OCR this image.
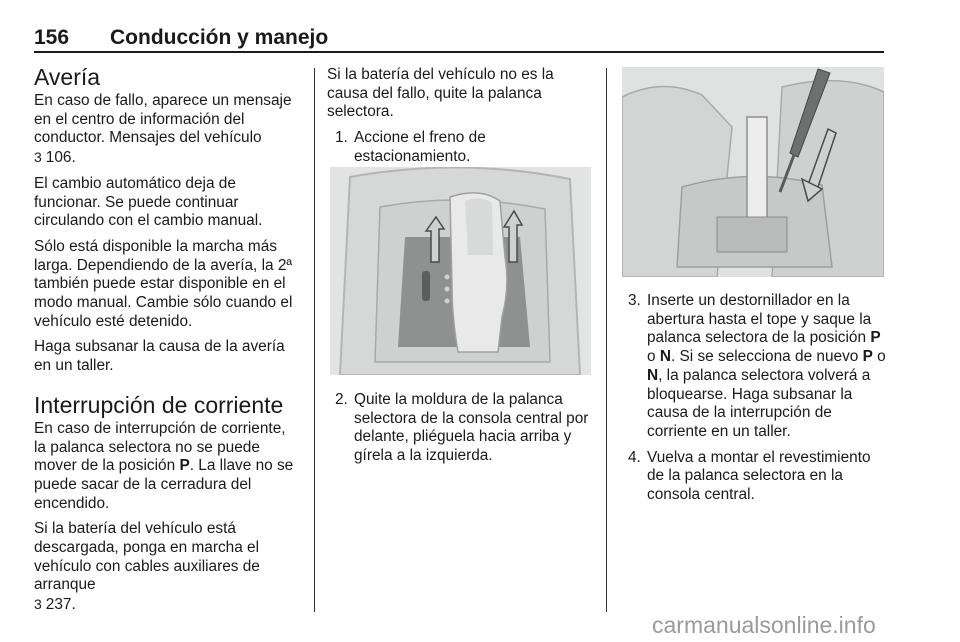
156 Conducción y manejo
Avería

En caso de fallo, aparece un mensaje en el centro de información del conductor. Mensajes del vehículo
3 106.

El cambio automático deja de funcionar. Se puede continuar circulando con el cambio manual.

Sólo está disponible la marcha más larga. Dependiendo de la avería, la 2ª también puede estar disponible en el modo manual. Cambie sólo cuando el vehículo esté detenido.

Haga subsanar la causa de la avería en un taller.

Interrupción de corriente

En caso de interrupción de corriente, la palanca selectora no se puede mover de la posición P. La llave no se puede sacar de la cerradura del encendido.

Si la batería del vehículo está descargada, ponga en marcha el vehículo con cables auxiliares de arranque
3 237.

Si la batería del vehículo no es la causa del fallo, quite la palanca selectora.

1. Accione el freno de estacionamiento.
2. Quite la moldura de la palanca selectora de la consola central por delante, pliéguela hacia arriba y gírela a la izquierda.
3. Inserte un destornillador en la abertura hasta el tope y saque la palanca selectora de la posición P o N. Si se selecciona de nuevo P o N, la palanca selectora volverá a bloquearse. Haga subsanar la causa de la interrupción de corriente en un taller.
4. Vuelva a montar el revestimiento de la palanca selectora en la consola central.
carmanualsonline.info
